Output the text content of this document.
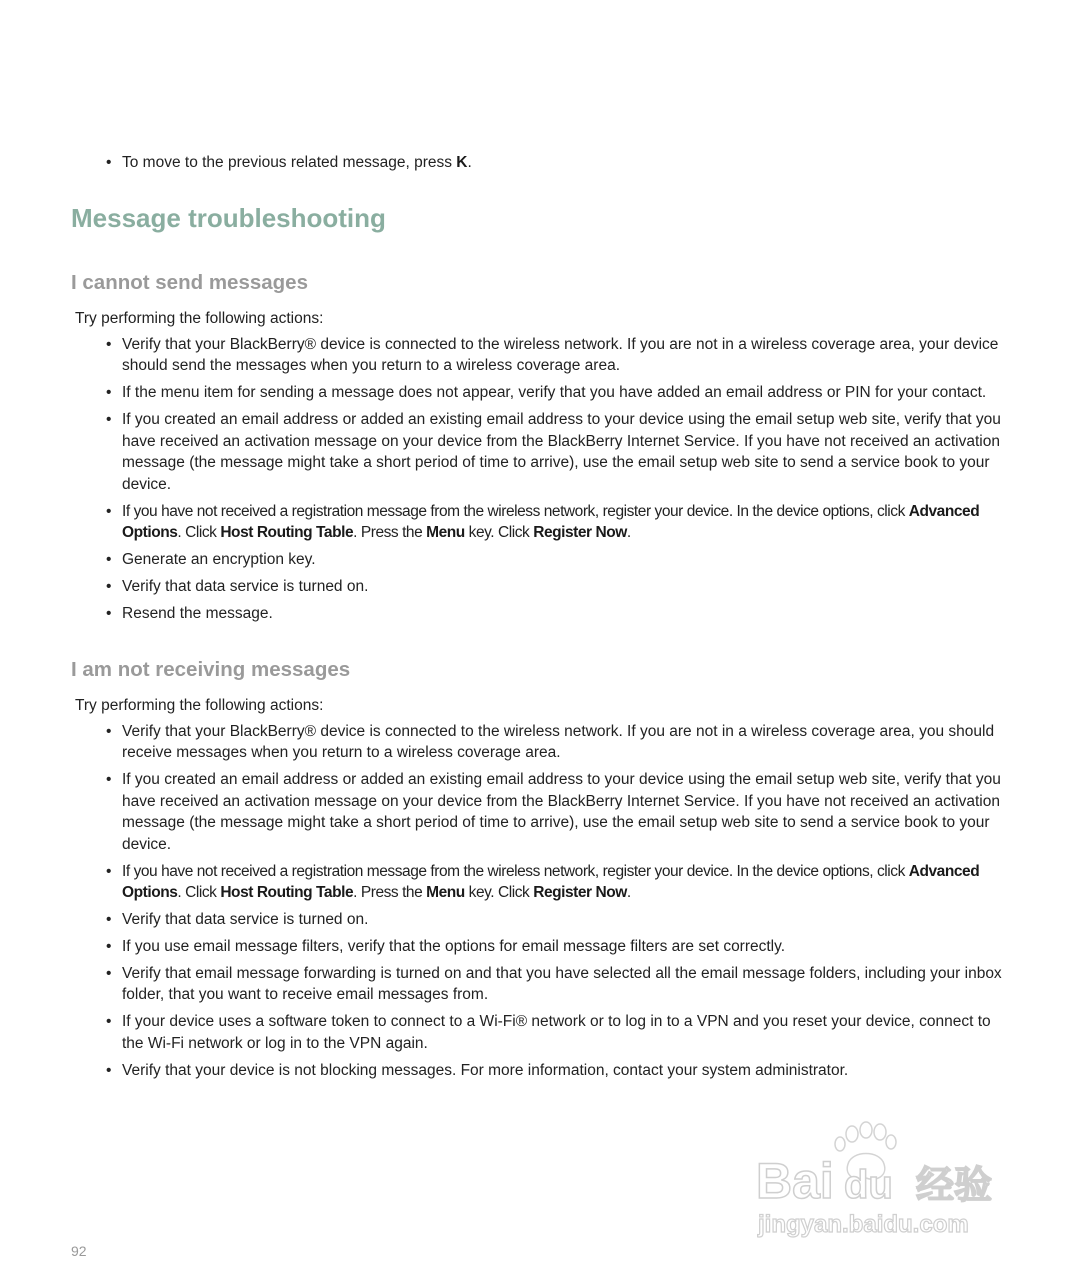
• To move to the previous related message, press K.
Message troubleshooting
I cannot send messages

Try performing the following actions:

• Verify that your BlackBerry® device is connected to the wireless network. If you are not in a wireless coverage area, your device should send the messages when you return to a wireless coverage area.
• If the menu item for sending a message does not appear, verify that you have added an email address or PIN for your contact.
• If you created an email address or added an existing email address to your device using the email setup web site, verify that you have received an activation message on your device from the BlackBerry Internet Service. If you have not received an activation message (the message might take a short period of time to arrive), use the email setup web site to send a service book to your device.
• If you have not received a registration message from the wireless network, register your device. In the device options, click Advanced Options. Click Host Routing Table. Press the Menu key. Click Register Now.
• Generate an encryption key.
• Verify that data service is turned on.
• Resend the message.
I am not receiving messages

Try performing the following actions:

• Verify that your BlackBerry® device is connected to the wireless network. If you are not in a wireless coverage area, you should receive messages when you return to a wireless coverage area.
• If you created an email address or added an existing email address to your device using the email setup web site, verify that you have received an activation message on your device from the BlackBerry Internet Service. If you have not received an activation message (the message might take a short period of time to arrive), use the email setup web site to send a service book to your device.
• If you have not received a registration message from the wireless network, register your device. In the device options, click Advanced Options. Click Host Routing Table. Press the Menu key. Click Register Now.
• Verify that data service is turned on.
• If you use email message filters, verify that the options for email message filters are set correctly.
• Verify that email message forwarding is turned on and that you have selected all the email message folders, including your inbox folder, that you want to receive email messages from.
• If your device uses a software token to connect to a Wi-Fi® network or to log in to a VPN and you reset your device, connect to the Wi-Fi network or log in to the VPN again.
• Verify that your device is not blocking messages. For more information, contact your system administrator.
92
Bai du 经验
jingyan.baidu.com
